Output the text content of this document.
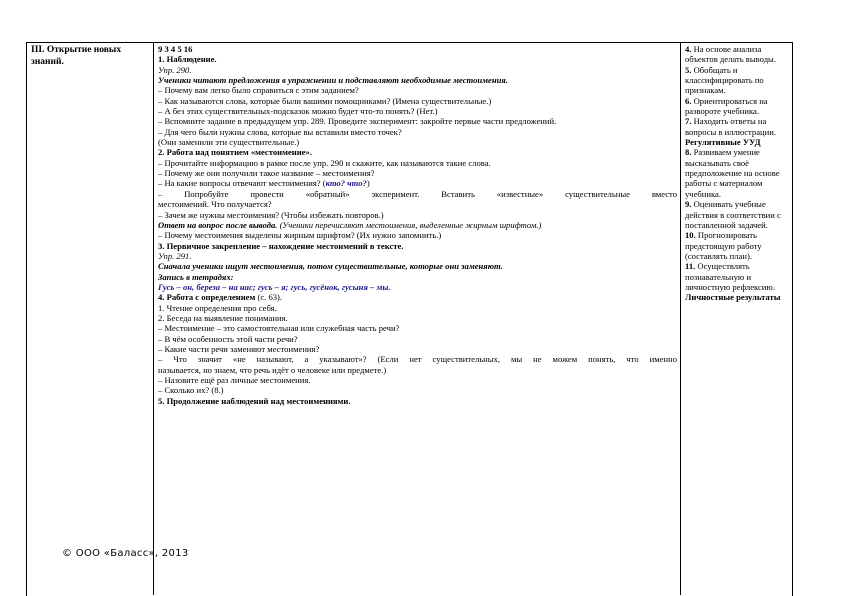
III. Открытие новых знаний.
9 3 4 5 16
1. Наблюдение.
Упр. 290.
Ученики читают предложения в упражнении и подставляют необходимые местоимения.
– Почему вам легко было справиться с этим заданием?
– Как называются слова, которые были вашими помощниками? (Имена существительные.)
– А без этих существительных-подсказок можно будет что-то понять? (Нет.)
– Вспомните задание в предыдущем упр. 289. Проведите эксперимент: закройте первые части предложений.
– Для чего были нужны слова, которые вы вставили вместо точек?
(Они заменили эти существительные.)
2. Работа над понятием «местоимение».
– Прочитайте информацию в рамке после упр. 290 и скажите, как называются такие слова.
– Почему же они получили такое название – местоимения?
– На какие вопросы отвечают местоимения? (кто? что?)
– Попробуйте провести «обратный» эксперимент. Вставить «известные» существительные вместо
местоимений. Что получается?
– Зачем же нужны местоимения? (Чтобы избежать повторов.)
Ответ на вопрос после вывода. (Ученики перечисляют местоимения, выделенные жирным шрифтом.)
– Почему местоимения выделены жирным шрифтом? (Их нужно запомнить.)
3. Первичное закрепление – нахождение местоимений в тексте.
Упр. 291.
Сначала ученики ищут местоимения, потом существительные, которые они заменяют.
Запись в тетрадях:
Гусь – он, береза – на нас; гусь – я; гусь, гусёнок, гусыня – мы.
4. Работа с определением (с. 63).
1. Чтение определения про себя.
2. Беседа на выявление понимания.
– Местоимение – это самостоятельная или служебная часть речи?
– В чём особенность этой части речи?
– Какие части речи заменяют местоимения?
– Что значит «не называют, а указывают»? (Если нет существительных, мы не можем понять, что именно
называется, но знаем, что речь идёт о человеке или предмете.)
– Назовите ещё раз личные местоимения.
– Сколько их? (8.)
5. Продолжение наблюдений над местоимениями.
4. На основе анализа объектов делать выводы.
5. Обобщать и классифицировать по признакам.
6. Ориентироваться на развороте учебника.
7. Находить ответы на вопросы в иллюстрации.
Регулятивные УУД
8. Развиваем умение высказывать своё предположение на основе работы с материалом учебника.
9. Оценивать учебные действия в соответствии с поставленной задачей.
10. Прогнозировать предстоящую работу (составлять план).
11. Осуществлять познавательную и личностную рефлексию.
Личностные результаты
© ООО «Баласс», 2013
